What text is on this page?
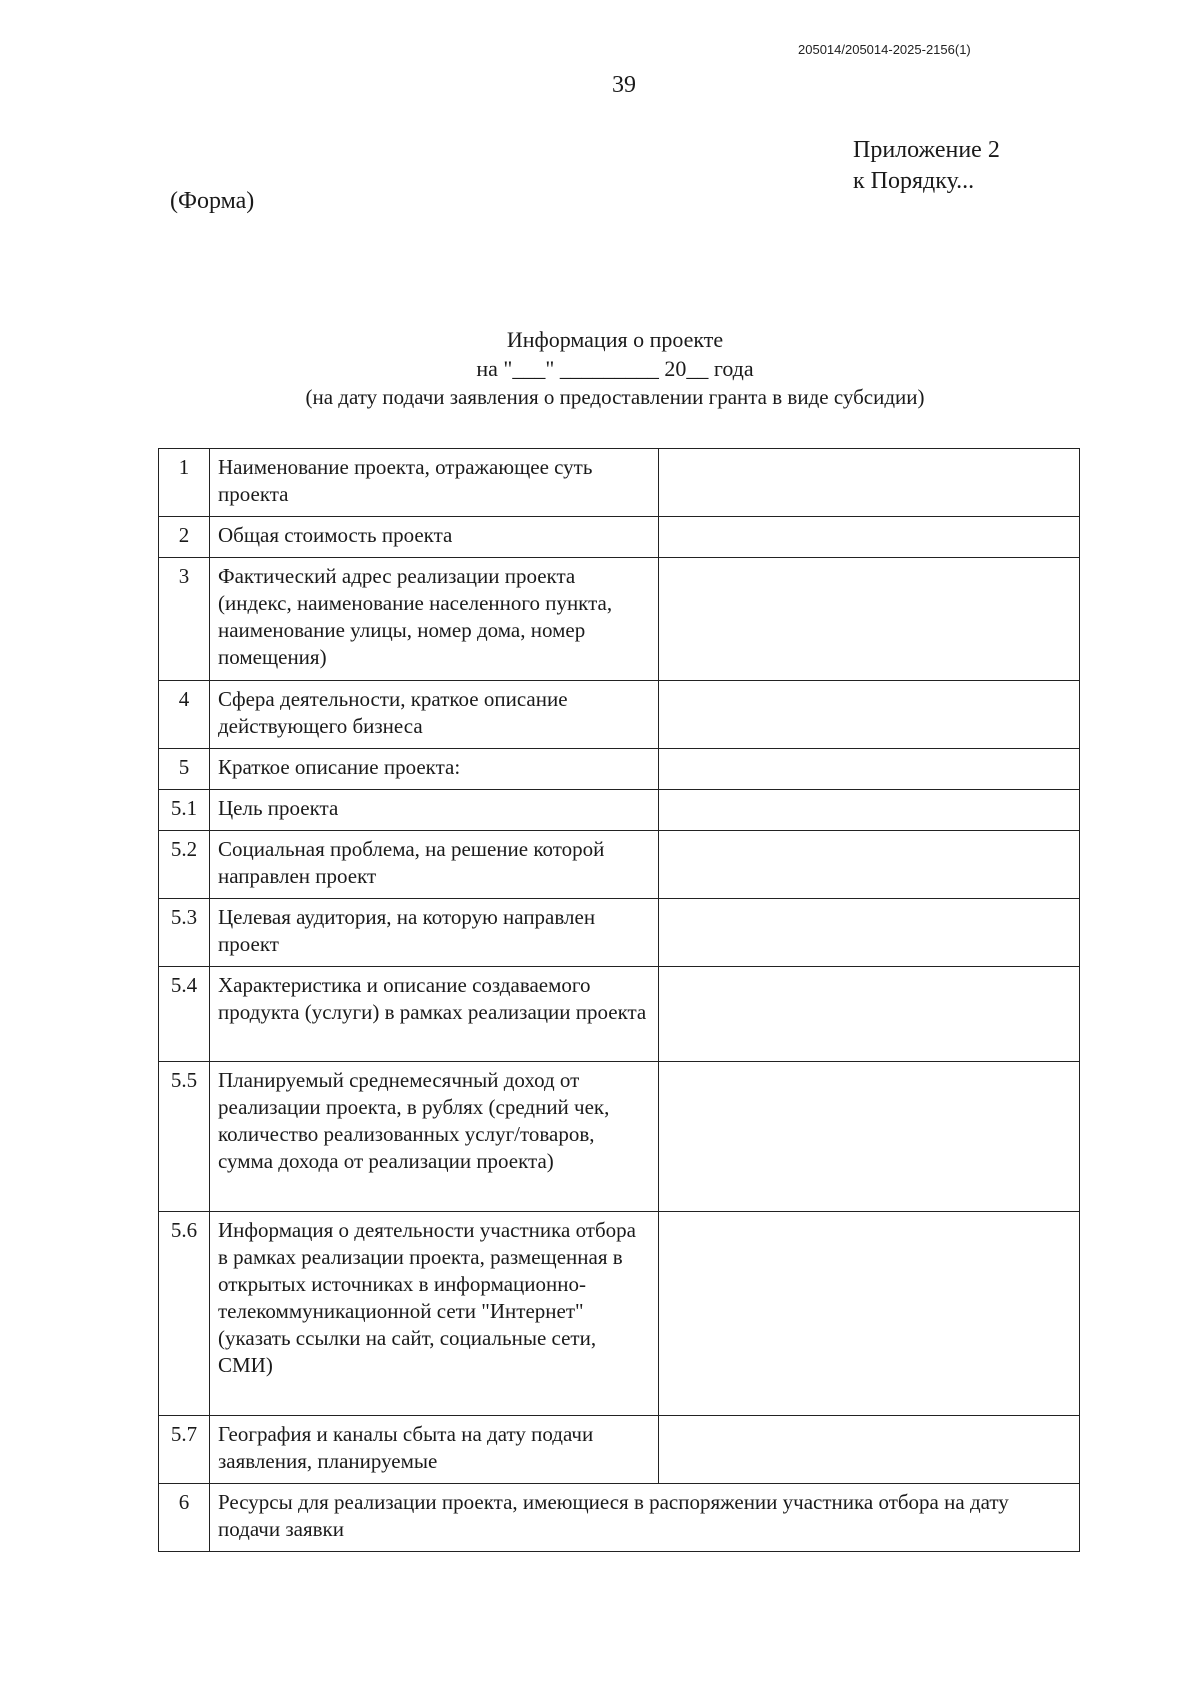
205014/205014-2025-2156(1)
39
Приложение 2
к Порядку...
(Форма)
Информация о проекте
на "___" _________ 20__ года
(на дату подачи заявления о предоставлении гранта в виде субсидии)
1	Наименование проекта, отражающее суть проекта	
2	Общая стоимость проекта	
3	Фактический адрес реализации проекта (индекс, наименование населенного пункта, наименование улицы, номер дома, номер помещения)	
4	Сфера деятельности, краткое описание действующего бизнеса	
5	Краткое описание проекта:	
5.1	Цель проекта	
5.2	Социальная проблема, на решение которой направлен проект	
5.3	Целевая аудитория, на которую направлен проект	
5.4	Характеристика и описание создаваемого продукта (услуги) в рамках реализации проекта	
5.5	Планируемый среднемесячный доход от реализации проекта, в рублях (средний чек, количество реализованных услуг/товаров, сумма дохода от реализации проекта)	
5.6	Информация о деятельности участника отбора в рамках реализации проекта, размещенная в открытых источниках в информационно-телекоммуникационной сети "Интернет" (указать ссылки на сайт, социальные сети, СМИ)	
5.7	География и каналы сбыта на дату подачи заявления, планируемые	
6	Ресурсы для реализации проекта, имеющиеся в распоряжении участника отбора на дату подачи заявки	
